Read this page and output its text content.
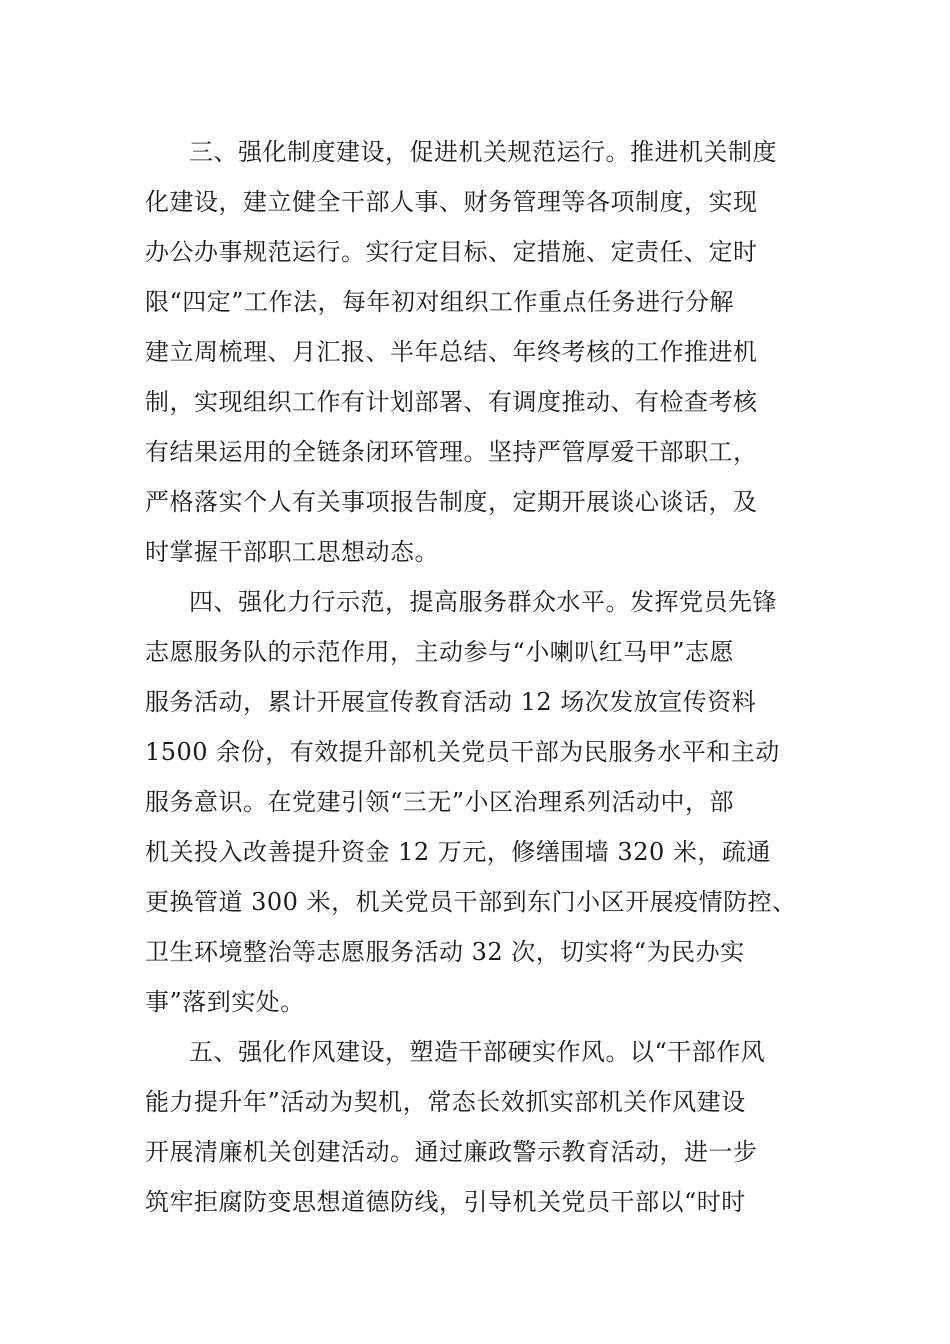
三、强化制度建设，促进机关规范运行。推进机关制度
化建设，建立健全干部人事、财务管理等各项制度，实现
办公办事规范运行。实行定目标、定措施、定责任、定时
限“四定”工作法，每年初对组织工作重点任务进行分解
建立周梳理、月汇报、半年总结、年终考核的工作推进机
制，实现组织工作有计划部署、有调度推动、有检查考核
有结果运用的全链条闭环管理。坚持严管厚爱干部职工，
严格落实个人有关事项报告制度，定期开展谈心谈话，及
时掌握干部职工思想动态。
四、强化力行示范，提高服务群众水平。发挥党员先锋
志愿服务队的示范作用，主动参与“小喇叭红马甲”志愿
服务活动，累计开展宣传教育活动 12 场次发放宣传资料
1500 余份，有效提升部机关党员干部为民服务水平和主动
服务意识。在党建引领“三无”小区治理系列活动中，部
机关投入改善提升资金 12 万元，修缮围墙 320 米，疏通
更换管道 300 米，机关党员干部到东门小区开展疫情防控、
卫生环境整治等志愿服务活动 32 次，切实将“为民办实
事”落到实处。
五、强化作风建设，塑造干部硬实作风。以“干部作风
能力提升年”活动为契机，常态长效抓实部机关作风建设
开展清廉机关创建活动。通过廉政警示教育活动，进一步
筑牢拒腐防变思想道德防线，引导机关党员干部以“时时
